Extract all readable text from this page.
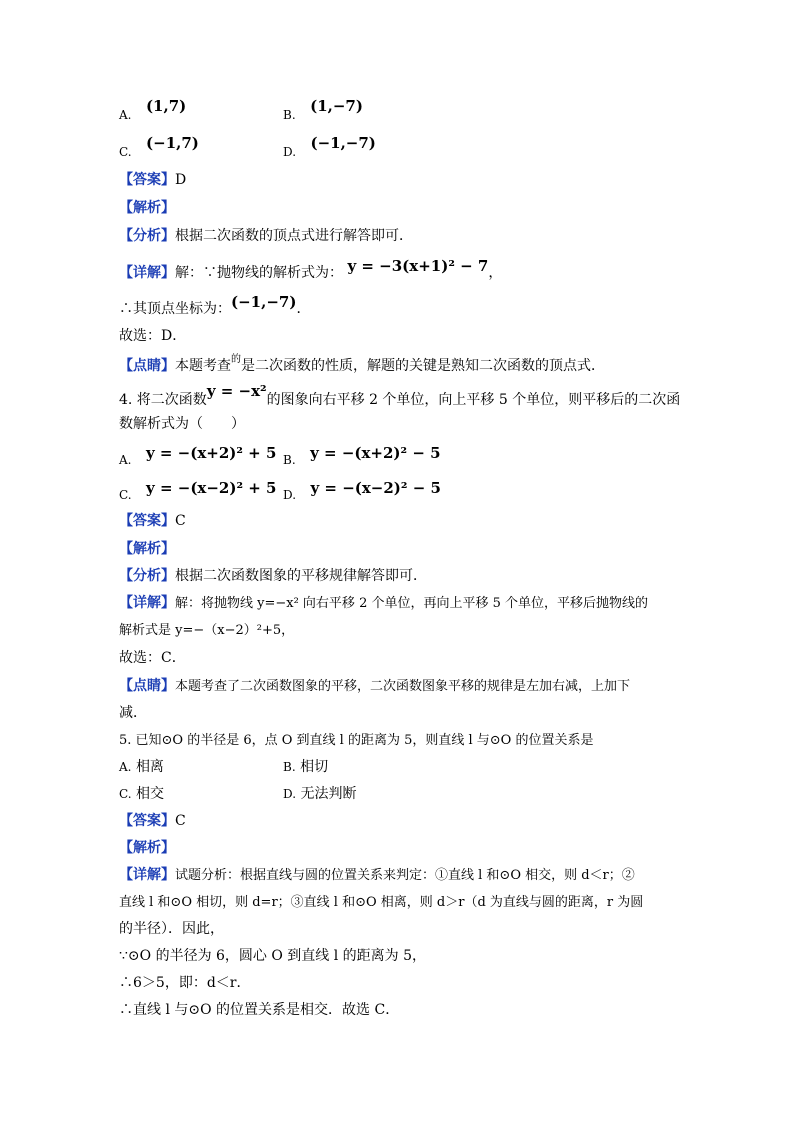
A. (1,7)	B. (1,−7)
C. (−1,7)	D. (−1,−7)
【答案】D
【解析】
【分析】根据二次函数的顶点式进行解答即可．
【详解】解：∵抛物线的解析式为： y = −3(x+1)² − 7，
∴其顶点坐标为：(−1,−7)．
故选：D．
【点睛】本题考查$^的$是二次函数的性质，解题的关键是熟知二次函数的顶点式．
4. 将二次函数y = −x²的图象向右平移 2 个单位，向上平移 5 个单位，则平移后的二次函
数解析式为（　　）
A. y = −(x+2)² + 5 B. y = −(x+2)² − 5
C. y = −(x−2)² + 5 D. y = −(x−2)² − 5
【答案】C
【解析】
【分析】根据二次函数图象的平移规律解答即可．
【详解】解：将抛物线 y=−x² 向右平移 2 个单位，再向上平移 5 个单位，平移后抛物线的
解析式是 y=−（x−2）²+5，
故选：C．
【点睛】本题考查了二次函数图象的平移，二次函数图象平移的规律是左加右减，上加下
减．
5. 已知⊙O 的半径是 6，点 O 到直线 l 的距离为 5，则直线 l 与⊙O 的位置关系是
A. 相离	B. 相切
C. 相交	D. 无法判断
【答案】C
【解析】
【详解】试题分析：根据直线与圆的位置关系来判定：①直线 l 和⊙O 相交，则 d＜r；②
直线 l 和⊙O 相切，则 d=r；③直线 l 和⊙O 相离，则 d＞r（d 为直线与圆的距离，r 为圆
的半径）．因此，
∵⊙O 的半径为 6，圆心 O 到直线 l 的距离为 5，
∴6＞5，即：d＜r．
∴直线 l 与⊙O 的位置关系是相交．故选 C．
